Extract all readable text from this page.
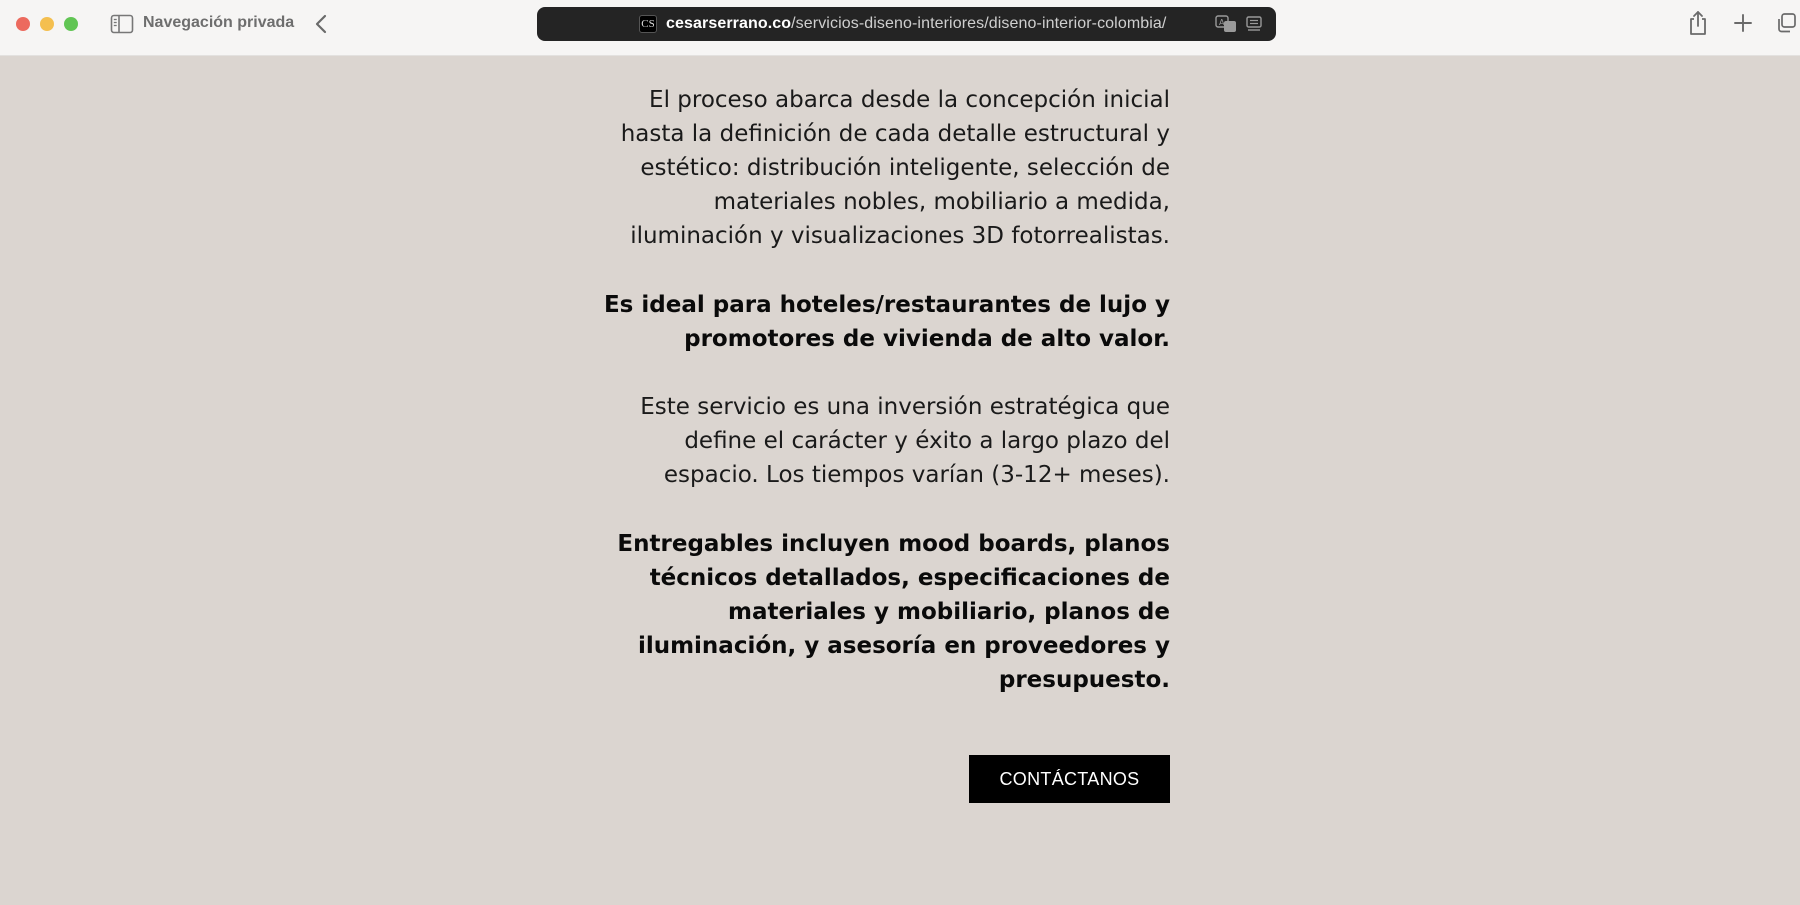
Navegación privada	CS cesarserrano.co/servicios-diseno-interiores/diseno-interior-colombia/	A

El proceso abarca desde la concepción inicial hasta la definición de cada detalle estructural y estético: distribución inteligente, selección de materiales nobles, mobiliario a medida, iluminación y visualizaciones 3D fotorrealistas.

Es ideal para hoteles/restaurantes de lujo y promotores de vivienda de alto valor.

Este servicio es una inversión estratégica que define el carácter y éxito a largo plazo del espacio. Los tiempos varían (3-12+ meses).

Entregables incluyen mood boards, planos técnicos detallados, especificaciones de materiales y mobiliario, planos de iluminación, y asesoría en proveedores y presupuesto.

CONTÁCTANOS
